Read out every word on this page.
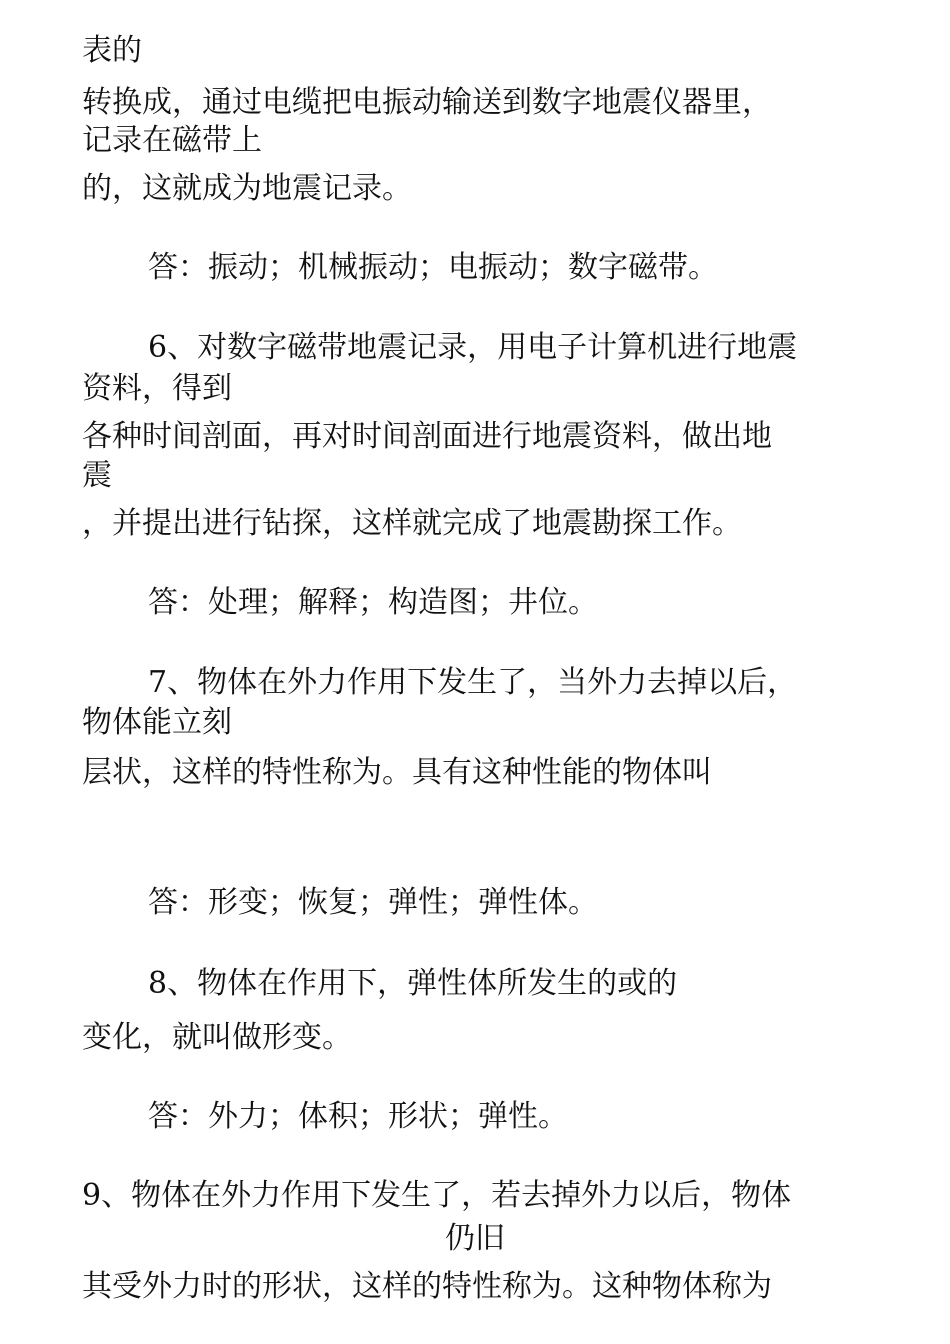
表的
转换成，通过电缆把电振动输送到数字地震仪器里，
记录在磁带上
的，这就成为地震记录。
答：振动；机械振动；电振动；数字磁带。
6、对数字磁带地震记录，用电子计算机进行地震
资料，得到
各种时间剖面，再对时间剖面进行地震资料，做出地
震
，并提出进行钻探，这样就完成了地震勘探工作。
答：处理；解释；构造图；井位。
7、物体在外力作用下发生了，当外力去掉以后，
物体能立刻
层状，这样的特性称为。具有这种性能的物体叫
答：形变；恢复；弹性；弹性体。
8、物体在作用下，弹性体所发生的或的
变化，就叫做形变。
答：外力；体积；形状；弹性。
9、物体在外力作用下发生了，若去掉外力以后，物体
仍旧
其受外力时的形状，这样的特性称为。这种物体称为
